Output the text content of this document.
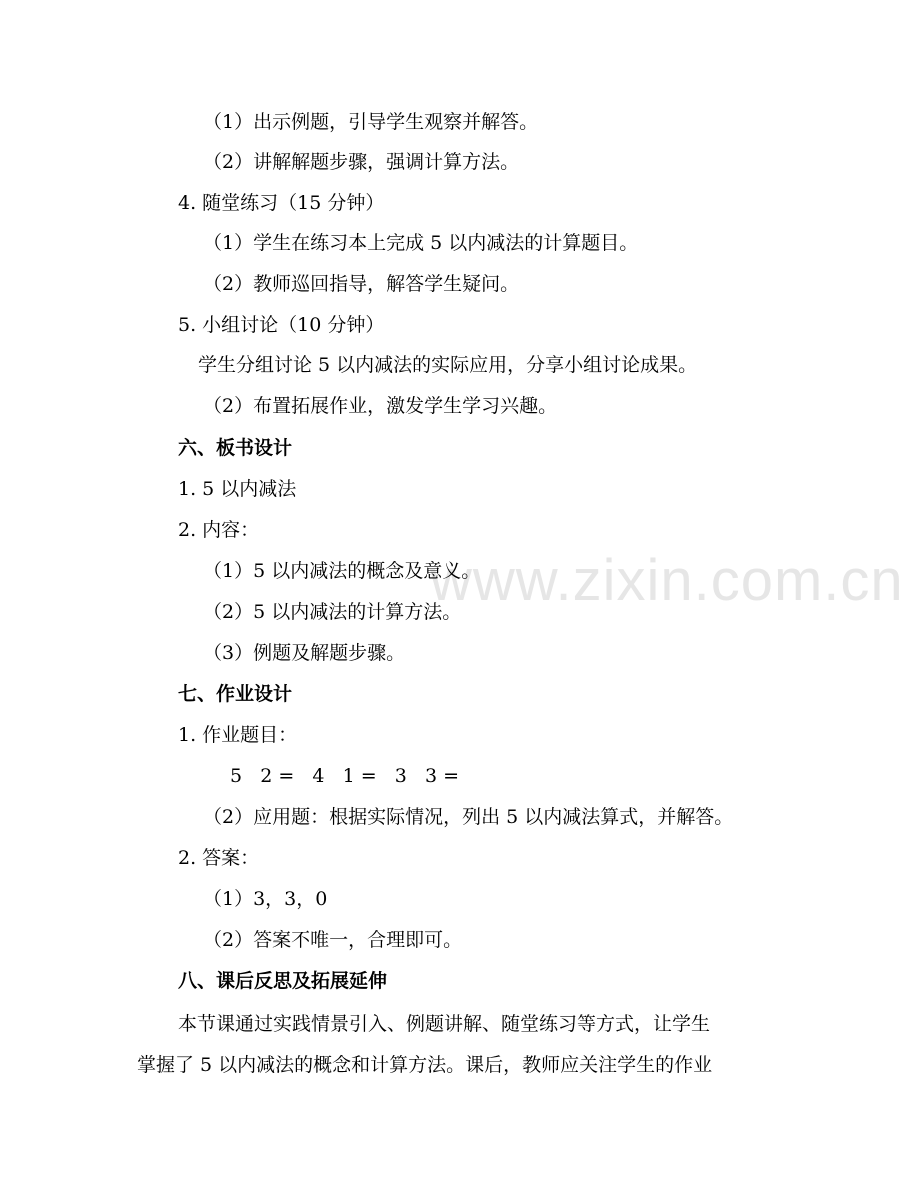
www.zixin.com.cn
（1）出示例题，引导学生观察并解答。
（2）讲解解题步骤，强调计算方法。
4. 随堂练习（15 分钟）
（1）学生在练习本上完成 5 以内减法的计算题目。
（2）教师巡回指导，解答学生疑问。
5. 小组讨论（10 分钟）
学生分组讨论 5 以内减法的实际应用，分享小组讨论成果。
（2）布置拓展作业，激发学生学习兴趣。
六、板书设计
1. 5 以内减法
2. 内容：
（1）5 以内减法的概念及意义。
（2）5 以内减法的计算方法。
（3）例题及解题步骤。
七、作业设计
1. 作业题目：
5   2 =   4   1 =   3   3 =
（2）应用题：根据实际情况，列出 5 以内减法算式，并解答。
2. 答案：
（1）3，3，0
（2）答案不唯一，合理即可。
八、课后反思及拓展延伸
本节课通过实践情景引入、例题讲解、随堂练习等方式，让学生
掌握了 5 以内减法的概念和计算方法。课后，教师应关注学生的作业
